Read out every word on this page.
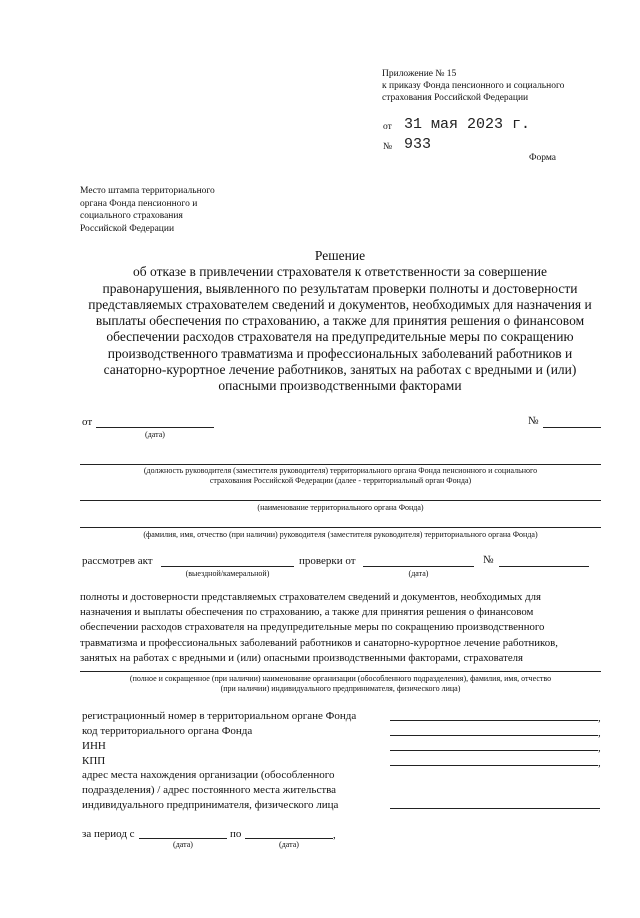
Приложение № 15
к приказу Фонда пенсионного и социального
страхования Российской Федерации
от 31 мая 2023 г.
№ 933
Форма
Место штампа территориального
органа Фонда пенсионного и
социального страхования
Российской Федерации
Решение
об отказе в привлечении страхователя к ответственности за совершение
правонарушения, выявленного по результатам проверки полноты и достоверности
представляемых страхователем сведений и документов, необходимых для назначения и
выплаты обеспечения по страхованию, а также для принятия решения о финансовом
обеспечении расходов страхователя на предупредительные меры по сокращению
производственного травматизма и профессиональных заболеваний работников и
санаторно-курортное лечение работников, занятых на работах с вредными и (или)
опасными производственными факторами
от
(дата)
№
(должность руководителя (заместителя руководителя) территориального органа Фонда пенсионного и социального
страхования Российской Федерации (далее - территориальный орган Фонда)
(наименование территориального органа Фонда)
(фамилия, имя, отчество (при наличии) руководителя (заместителя руководителя) территориального органа Фонда)
рассмотрев акт
(выездной/камеральной)
проверки от
(дата)
№
полноты и достоверности представляемых страхователем сведений и документов, необходимых для
назначения и выплаты обеспечения по страхованию, а также для принятия решения о финансовом
обеспечении расходов страхователя на предупредительные меры по сокращению производственного
травматизма и профессиональных заболеваний работников и санаторно-курортное лечение работников,
занятых на работах с вредными и (или) опасными производственными факторами, страхователя
(полное и сокращенное (при наличии) наименование организации (обособленного подразделения), фамилия, имя, отчество
(при наличии) индивидуального предпринимателя, физического лица)
регистрационный номер в территориальном органе Фонда	,
код территориального органа Фонда	,
ИНН	,
КПП	,
адрес места нахождения организации (обособленного
подразделения) / адрес постоянного места жительства
индивидуального предпринимателя, физического лица
за период с
(дата)
по
(дата)
,
